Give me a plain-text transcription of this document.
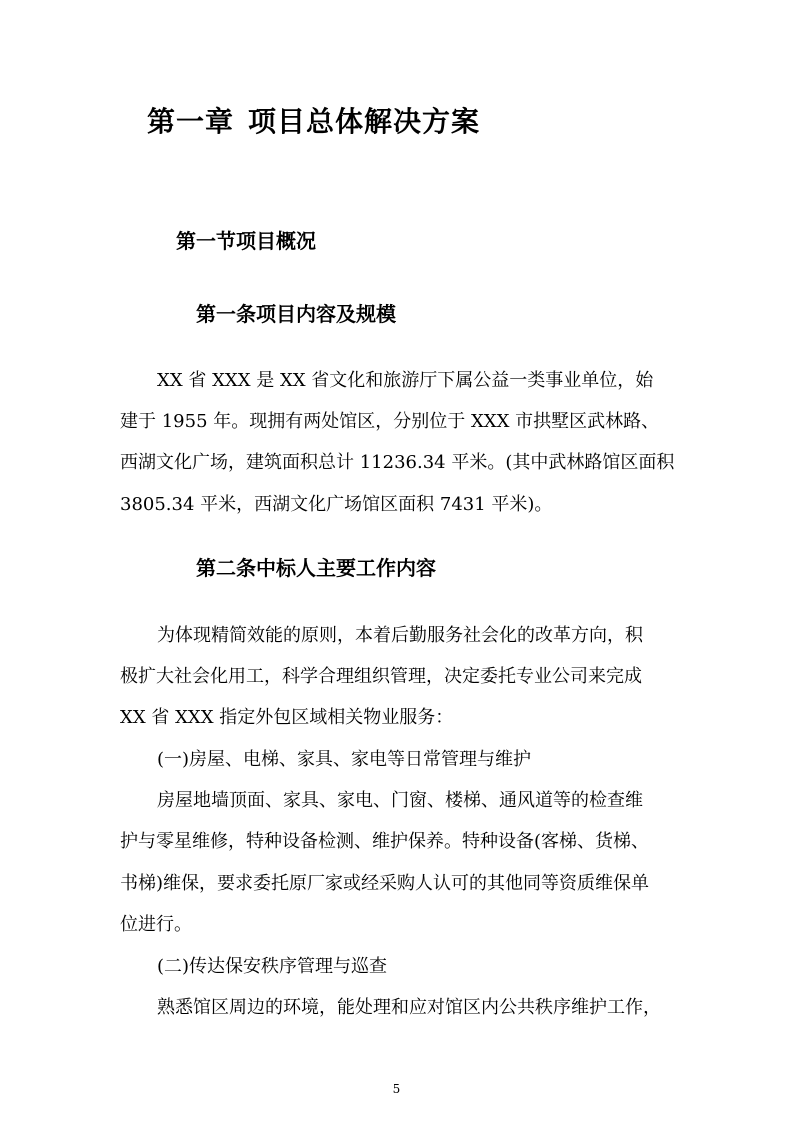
第一章 项目总体解决方案
第一节项目概况
第一条项目内容及规模
XX 省 XXX 是 XX 省文化和旅游厅下属公益一类事业单位，始
建于 1955 年。现拥有两处馆区，分别位于 XXX 市拱墅区武林路、
西湖文化广场，建筑面积总计 11236.34 平米。(其中武林路馆区面积
3805.34 平米，西湖文化广场馆区面积 7431 平米)。
第二条中标人主要工作内容
为体现精简效能的原则，本着后勤服务社会化的改革方向，积
极扩大社会化用工，科学合理组织管理，决定委托专业公司来完成
XX 省 XXX 指定外包区域相关物业服务：
(一)房屋、电梯、家具、家电等日常管理与维护
房屋地墙顶面、家具、家电、门窗、楼梯、通风道等的检查维
护与零星维修，特种设备检测、维护保养。特种设备(客梯、货梯、
书梯)维保，要求委托原厂家或经采购人认可的其他同等资质维保单
位进行。
(二)传达保安秩序管理与巡查
熟悉馆区周边的环境，能处理和应对馆区内公共秩序维护工作，
5
